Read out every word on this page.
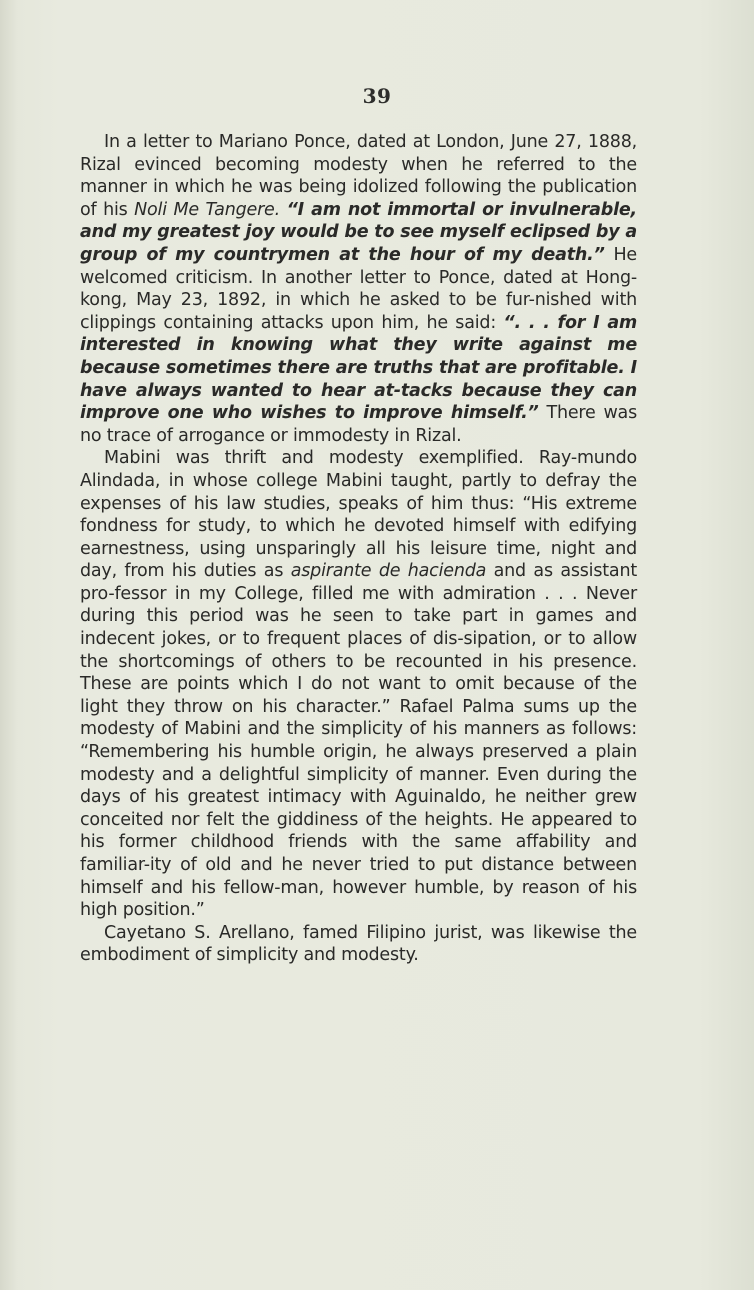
39

In a letter to Mariano Ponce, dated at London, June 27, 1888, Rizal evinced becoming modesty when he referred to the manner in which he was being idolized following the publication of his Noli Me Tangere. “I am not immortal or invulnerable, and my greatest joy would be to see myself eclipsed by a group of my countrymen at the hour of my death.” He welcomed criticism. In another letter to Ponce, dated at Hong-kong, May 23, 1892, in which he asked to be fur-nished with clippings containing attacks upon him, he said: “. . . for I am interested in knowing what they write against me because sometimes there are truths that are profitable. I have always wanted to hear at-tacks because they can improve one who wishes to improve himself.” There was no trace of arrogance or immodesty in Rizal.

Mabini was thrift and modesty exemplified. Ray-mundo Alindada, in whose college Mabini taught, partly to defray the expenses of his law studies, speaks of him thus: “His extreme fondness for study, to which he devoted himself with edifying earnestness, using unsparingly all his leisure time, night and day, from his duties as aspirante de hacienda and as assistant pro-fessor in my College, filled me with admiration . . . Never during this period was he seen to take part in games and indecent jokes, or to frequent places of dis-sipation, or to allow the shortcomings of others to be recounted in his presence. These are points which I do not want to omit because of the light they throw on his character.” Rafael Palma sums up the modesty of Mabini and the simplicity of his manners as follows: “Remembering his humble origin, he always preserved a plain modesty and a delightful simplicity of manner. Even during the days of his greatest intimacy with Aguinaldo, he neither grew conceited nor felt the giddiness of the heights. He appeared to his former childhood friends with the same affability and familiar-ity of old and he never tried to put distance between himself and his fellow-man, however humble, by reason of his high position.”

Cayetano S. Arellano, famed Filipino jurist, was likewise the embodiment of simplicity and modesty.
